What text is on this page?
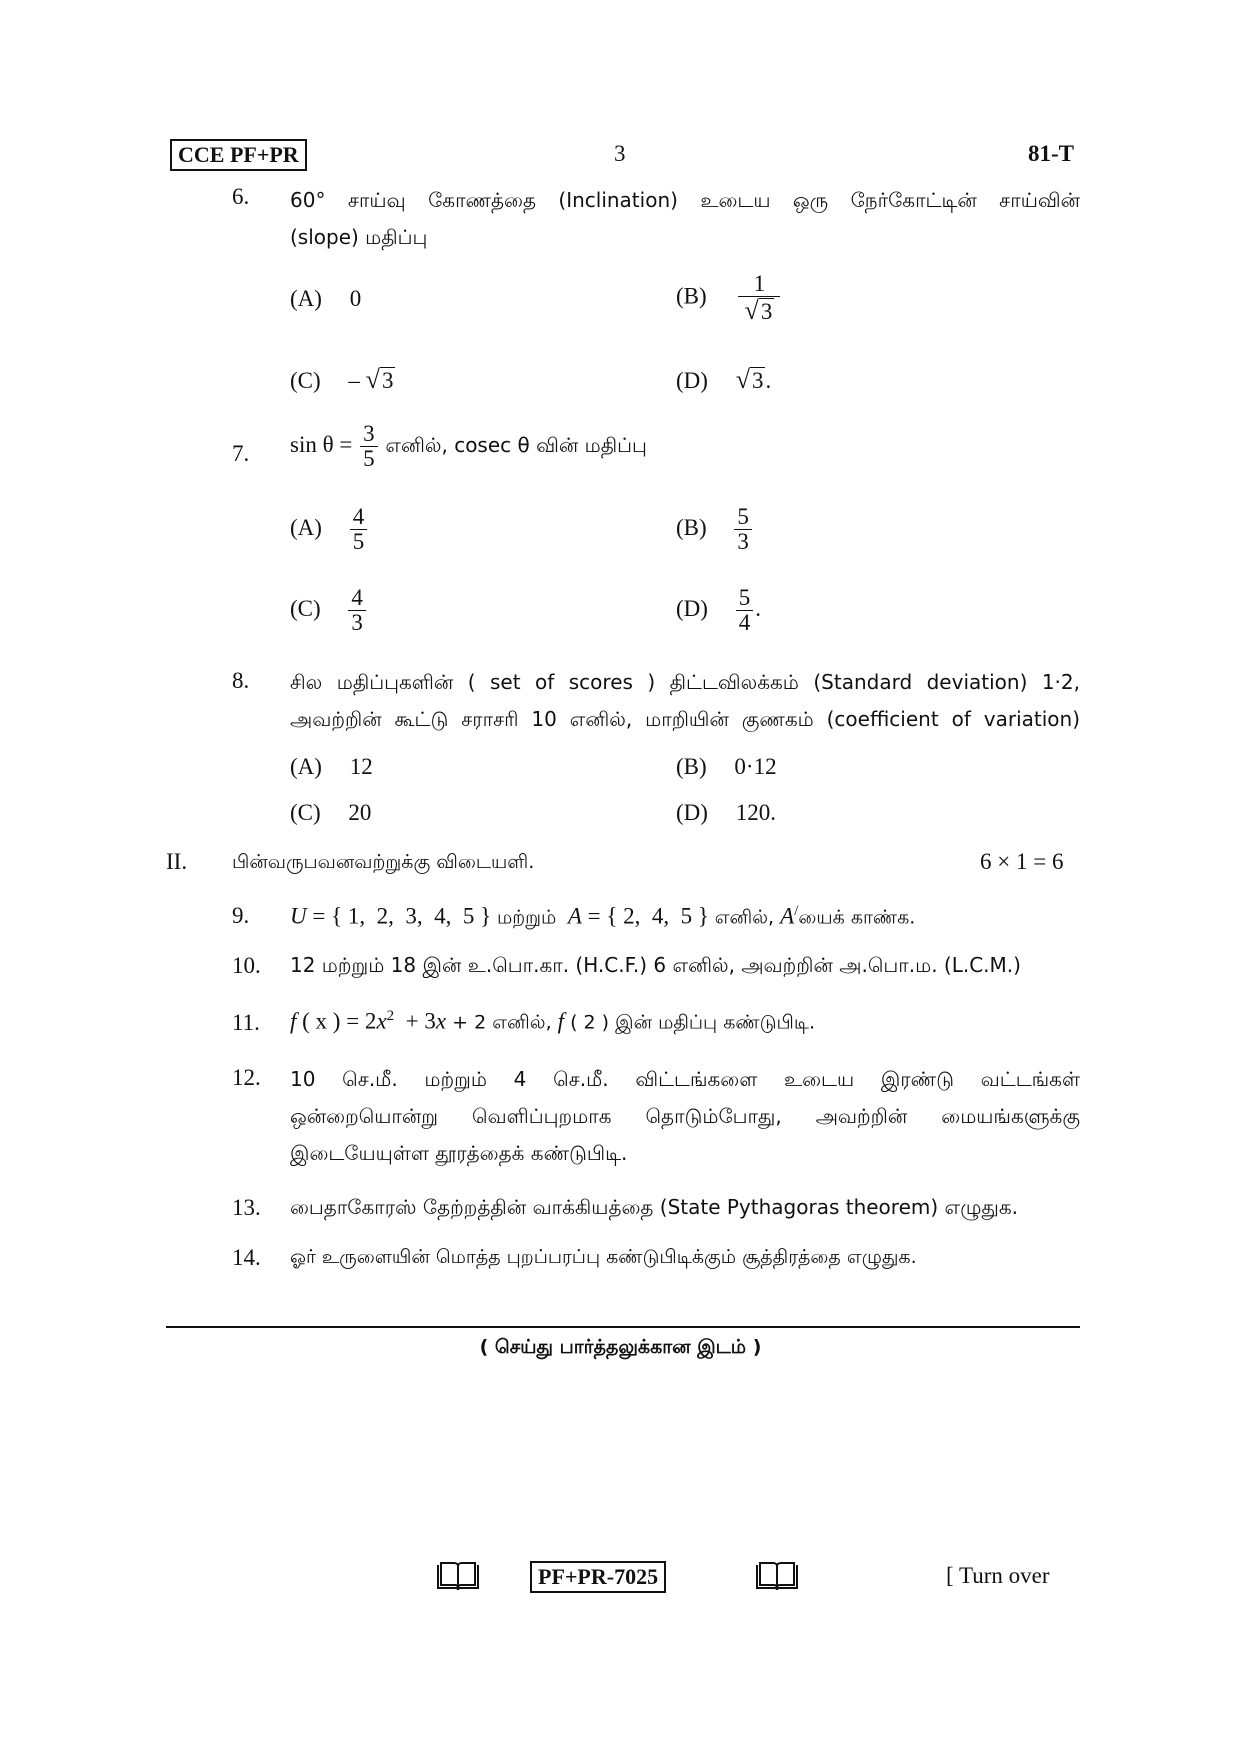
CCE PF+PR	3	81-T
6. 60° சாய்வு கோணத்தை (Inclination) உடைய ஒரு நேர்கோட்டின் சாய்வின்
(slope) மதிப்பு
(A) 0	$(B) \frac{1}{√3}$
(C) – √3	(D) √3.
7. $\sin \theta = \frac{3}{5}$ எனில், cosec θ வின் மதிப்பு
$(A) \frac{4}{5}$	$(B) \frac{5}{3}$
$(C) \frac{4}{3}$	$(D) \frac{5}{4}$ .
8. சில மதிப்புகளின் ( set of scores ) திட்டவிலக்கம் (Standard deviation) 1·2,
அவற்றின் கூட்டு சராசரி 10 எனில், மாறியின் குணகம் (coefficient of variation)
(A) 12	(B) 0·12
(C) 20	(D) 120.
II. பின்வருபவனவற்றுக்கு விடையளி.	6 × 1 = 6
9. U = { 1,  2,  3,  4,  5 } மற்றும் A = { 2,  4,  5 } எனில், A/யைக் காண்க.
10. 12 மற்றும் 18 இன் உ.பொ.கா. (H.C.F.) 6 எனில், அவற்றின் அ.பொ.ம. (L.C.M.)
11. f ( x ) = $2x^2 + 3x + 2$ எனில், f ( 2 ) இன் மதிப்பு கண்டுபிடி.
12. 10 செ.மீ. மற்றும் 4 செ.மீ. விட்டங்களை உடைய இரண்டு வட்டங்கள்
ஒன்றையொன்று வெளிப்புறமாக தொடும்போது, அவற்றின் மையங்களுக்கு
இடையேயுள்ள தூரத்தைக் கண்டுபிடி.
13. பைதாகோரஸ் தேற்றத்தின் வாக்கியத்தை (State Pythagoras theorem) எழுதுக.
14. ஓர் உருளையின் மொத்த புறப்பரப்பு கண்டுபிடிக்கும் சூத்திரத்தை எழுதுக.
( செய்து பார்த்தலுக்கான இடம் )
PF+PR-7025	[ Turn over
